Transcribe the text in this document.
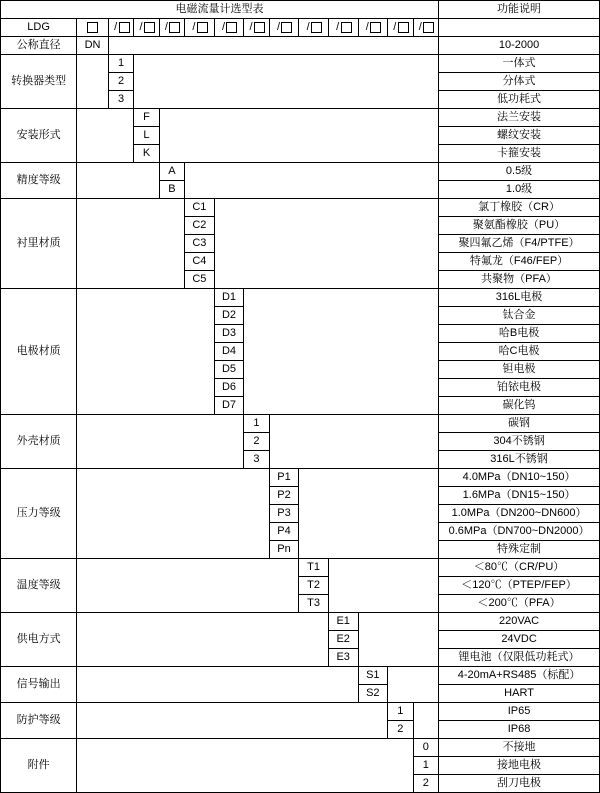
电磁流量计选型表														功能说明
LDG		/	/	/	/	/	/	/	/	/	/	/	/	
公称直径	DN													10-2000
转换器类型		1												一体式
		2												分体式
		3												低功耗式
安装形式			F											法兰安装
			L											螺纹安装
			K											卡箍安装
精度等级				A										0.5级
				B										1.0级
衬里材质					C1									氯丁橡胶（CR）
					C2									聚氨酯橡胶（PU）
					C3									聚四氟乙烯（F4/PTFE）
					C4									特氟龙（F46/FEP）
					C5									共聚物（PFA）
电极材质						D1								316L电极
						D2								钛合金
						D3								哈B电极
						D4								哈C电极
						D5								钽电极
						D6								铂铱电极
						D7								碳化钨
外壳材质							1							碳钢
							2							304不锈钢
							3							316L不锈钢
压力等级								P1						4.0MPa（DN10~150）
								P2						1.6MPa（DN15~150）
								P3						1.0MPa（DN200~DN600）
								P4						0.6MPa（DN700~DN2000）
								Pn						特殊定制
温度等级									T1					＜80℃（CR/PU）
									T2					＜120℃（PTEP/FEP）
									T3					＜200℃（PFA）
供电方式										E1				220VAC
										E2				24VDC
										E3				锂电池（仅限低功耗式）
信号输出											S1			4-20mA+RS485（标配）
											S2			HART
防护等级												1		IP65
												2		IP68
附件													0	不接地
													1	接地电极
													2	刮刀电极
